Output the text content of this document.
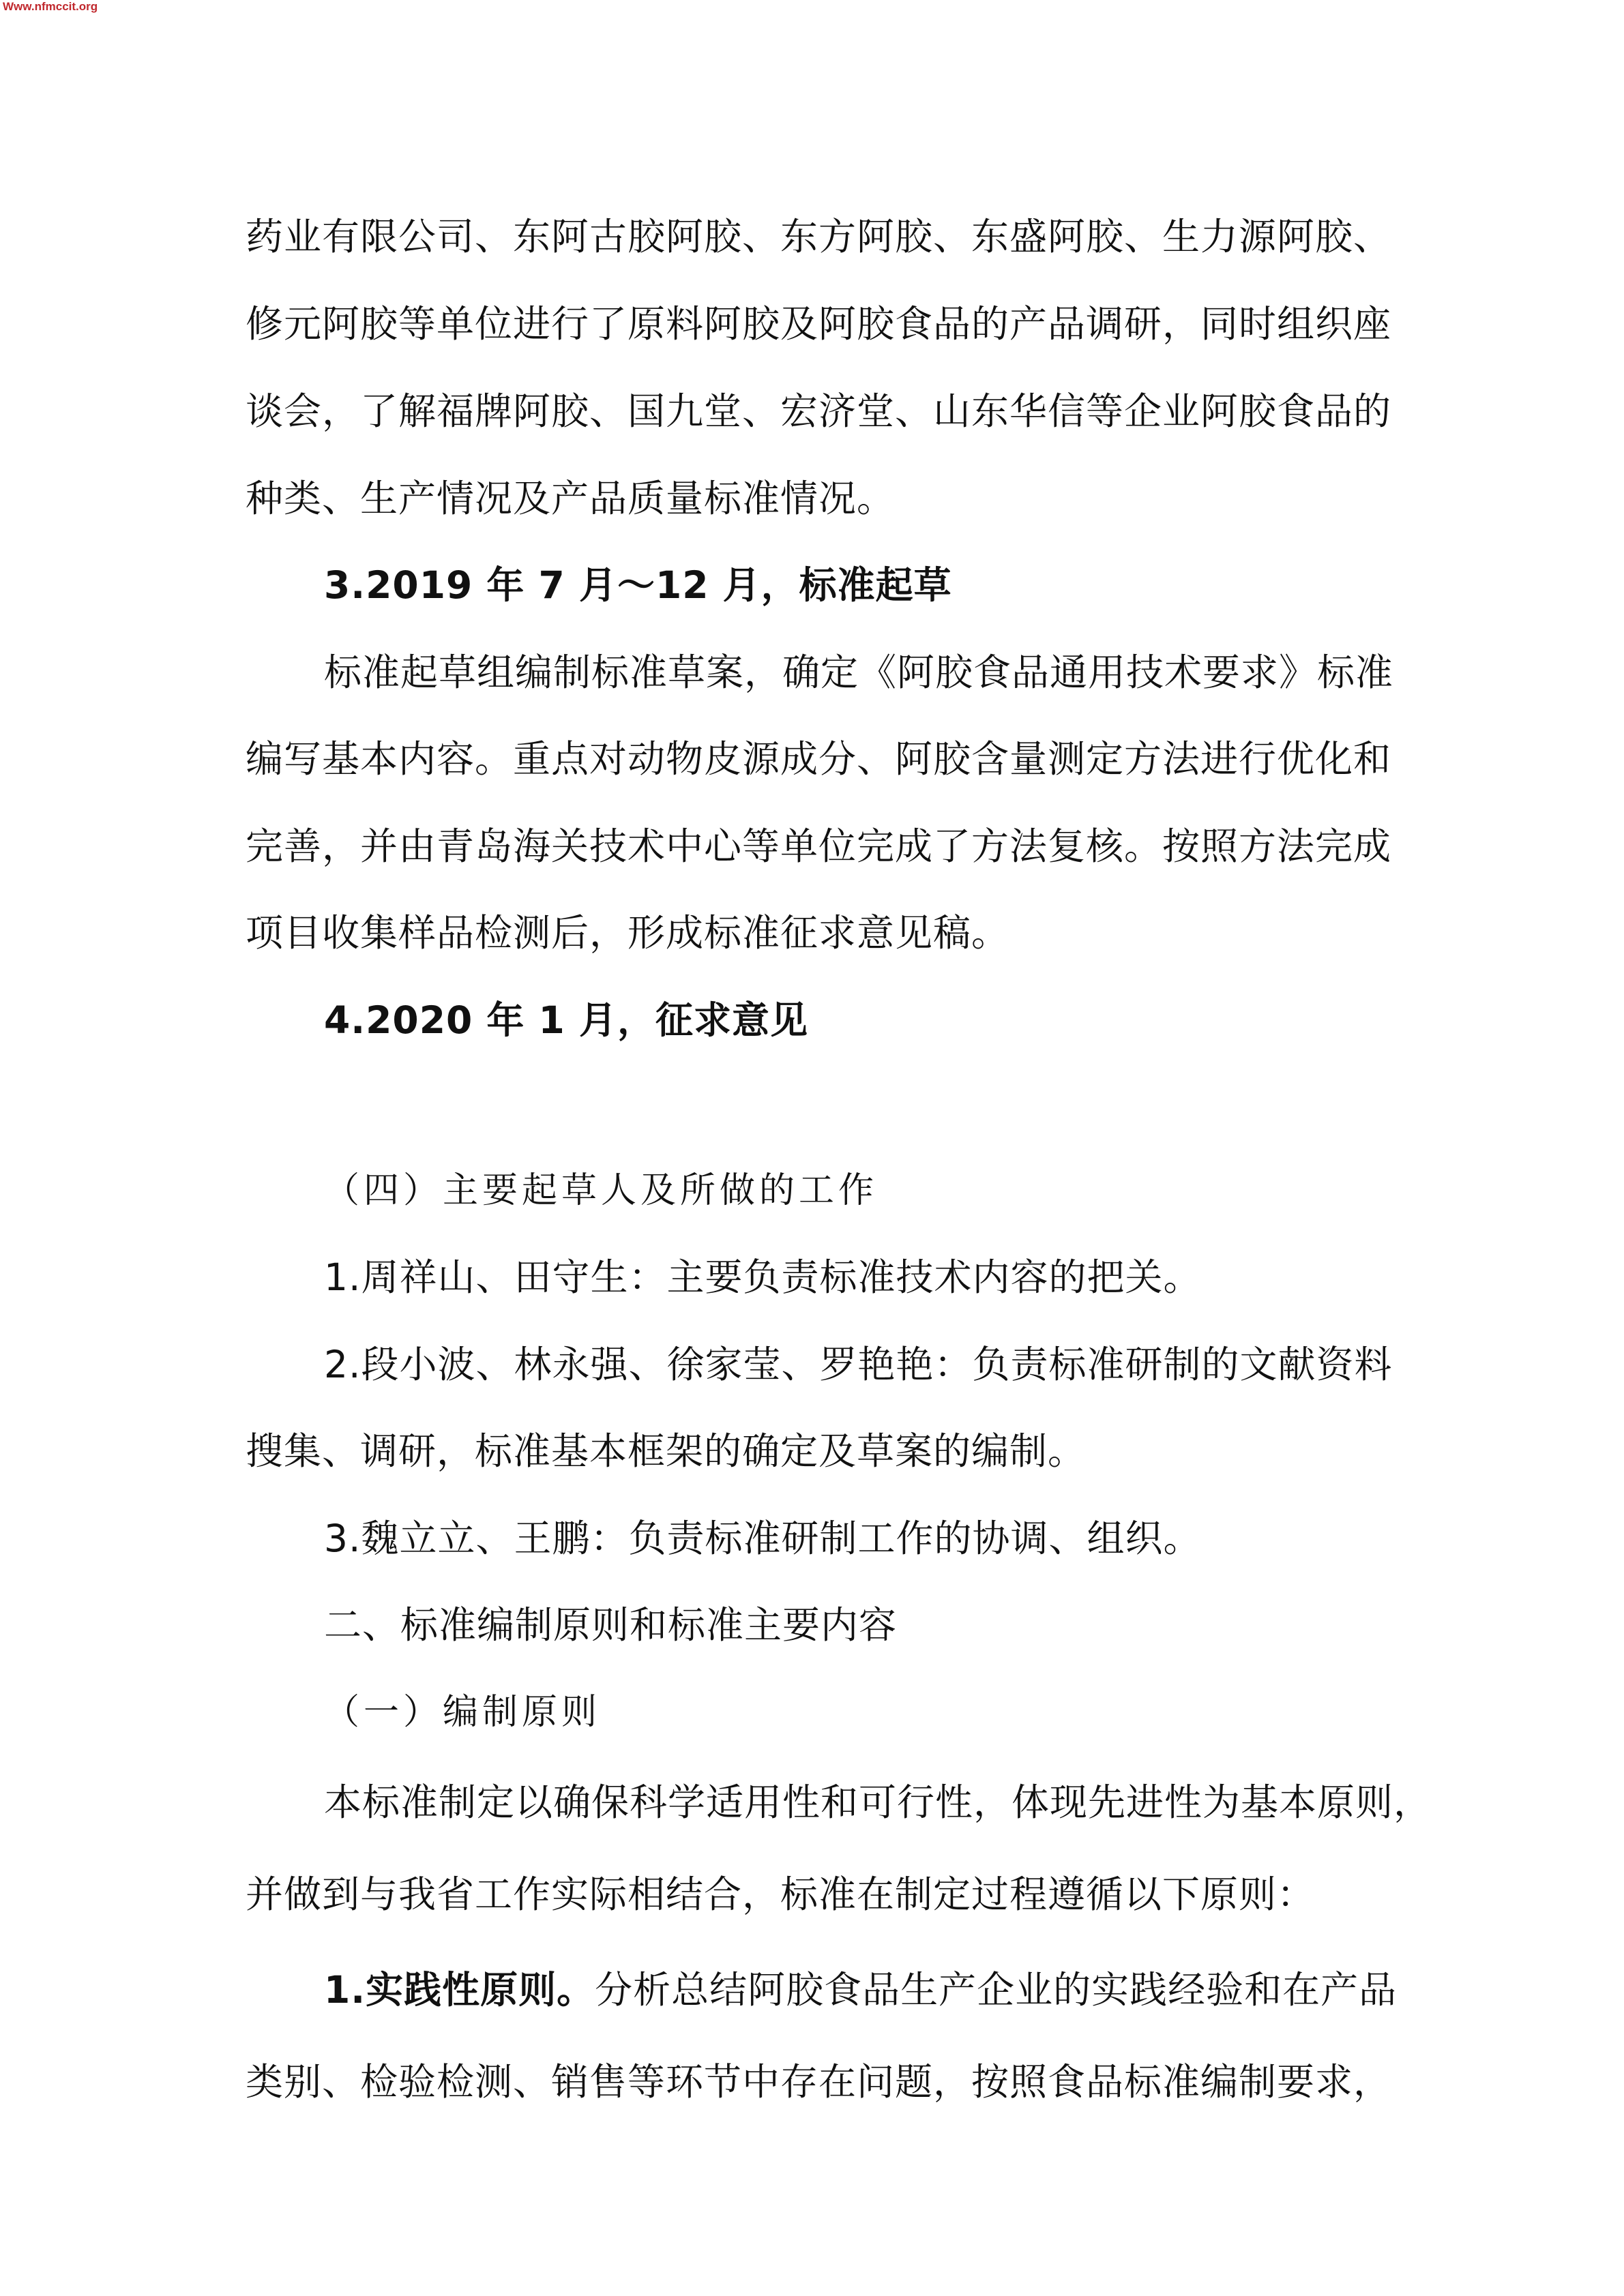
Www.nfmccit.org
药业有限公司、东阿古胶阿胶、东方阿胶、东盛阿胶、生力源阿胶、
修元阿胶等单位进行了原料阿胶及阿胶食品的产品调研，同时组织座
谈会，了解福牌阿胶、国九堂、宏济堂、山东华信等企业阿胶食品的
种类、生产情况及产品质量标准情况。
3.2019 年 7 月～12 月，标准起草
标准起草组编制标准草案，确定《阿胶食品通用技术要求》标准
编写基本内容。重点对动物皮源成分、阿胶含量测定方法进行优化和
完善，并由青岛海关技术中心等单位完成了方法复核。按照方法完成
项目收集样品检测后，形成标准征求意见稿。
4.2020 年 1 月，征求意见
（四）主要起草人及所做的工作
1.周祥山、田守生：主要负责标准技术内容的把关。
2.段小波、林永强、徐家莹、罗艳艳：负责标准研制的文献资料
搜集、调研，标准基本框架的确定及草案的编制。
3.魏立立、王鹏：负责标准研制工作的协调、组织。
二、标准编制原则和标准主要内容
（一）编制原则
本标准制定以确保科学适用性和可行性，体现先进性为基本原则，
并做到与我省工作实际相结合，标准在制定过程遵循以下原则：
1.实践性原则。分析总结阿胶食品生产企业的实践经验和在产品
类别、检验检测、销售等环节中存在问题，按照食品标准编制要求，
